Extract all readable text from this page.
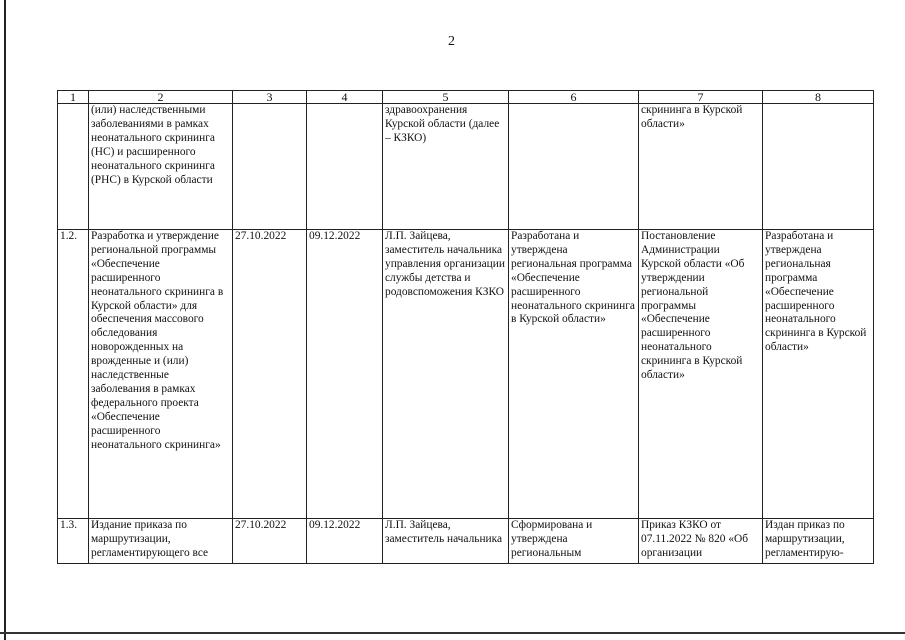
2
1	2	3	4	5	6	7	8

	(или) наследственными заболеваниями в рамках неонатального скрининга (НС) и расширенного неонатального скрининга (РНС) в Курской области			здравоохранения Курской области (далее – КЗКО)		скрининга в Курской области»	

1.2.	Разработка и утверждение региональной программы «Обеспечение расширенного неонатального скрининга в Курской области» для обеспечения массового обследования новорожденных на врожденные и (или) наследственные заболевания в рамках федерального проекта «Обеспечение расширенного неонатального скрининга»	27.10.2022	09.12.2022	Л.П. Зайцева, заместитель начальника управления организации службы детства и родовспоможения КЗКО	Разработана и утверждена региональная программа «Обеспечение расширенного неонатального скрининга в Курской области»	Постановление Администрации Курской области «Об утверждении региональной программы «Обеспечение расширенного неонатального скрининга в Курской области»	Разработана и утверждена региональная программа «Обеспечение расширенного неонатального скрининга в Курской области»

1.3.	Издание приказа по маршрутизации, регламентирующего все	27.10.2022	09.12.2022	Л.П. Зайцева, заместитель начальника	Сформирована и утверждена региональным	Приказ КЗКО от 07.11.2022 № 820 «Об организации	Издан приказ по маршрутизации, регламентирую-
